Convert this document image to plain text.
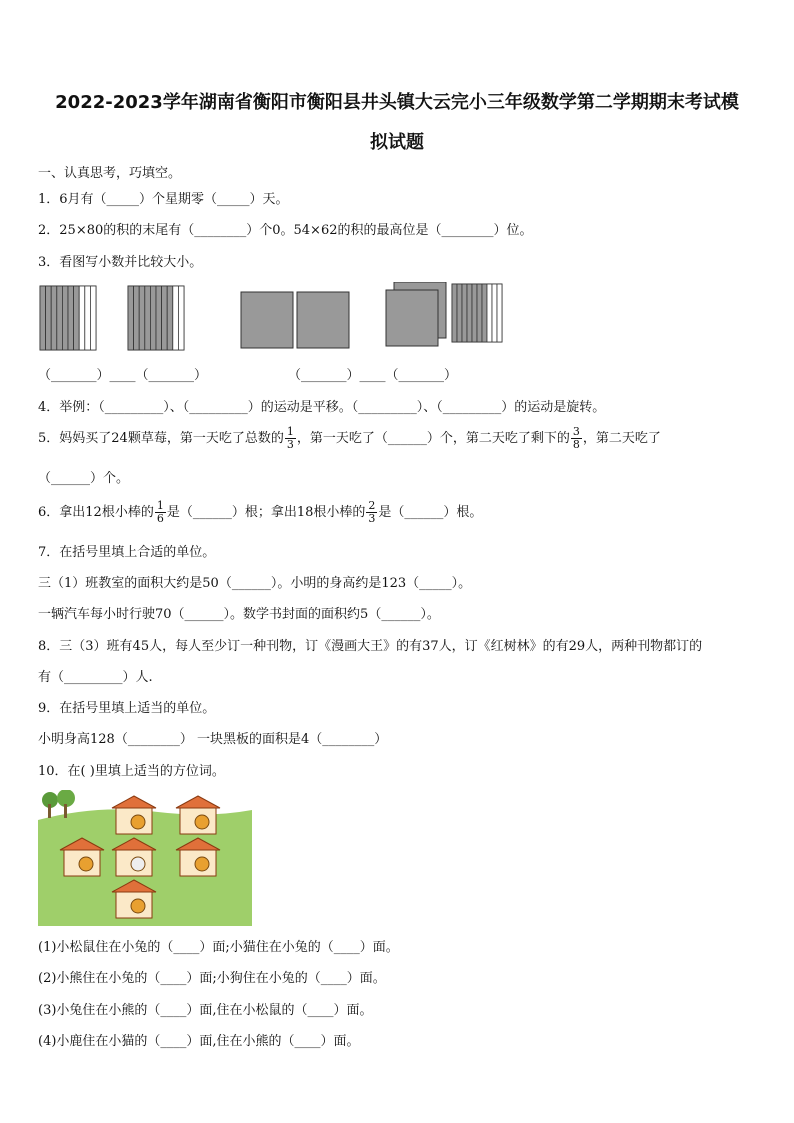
2022-2023学年湖南省衡阳市衡阳县井头镇大云完小三年级数学第二学期期末考试模
拟试题
一、认真思考，巧填空。
1．6月有（_____）个星期零（_____）天。
2．25×80的积的末尾有（________）个0。54×62的积的最高位是（________）位。
3．看图写小数并比较大小。
（_______）____（_______）	（_______）____（_______）
4．举例：（_________）、（_________）的运动是平移。（_________）、（_________）的运动是旋转。
5．妈妈买了24颗草莓，第一天吃了总数的 $\frac{1}{3}$ ，第一天吃了（______）个，第二天吃了剩下的 $\frac{3}{8}$ ，第二天吃了
（______）个。
6．拿出12根小棒的 $\frac{1}{6}$ 是（______）根；拿出18根小棒的 $\frac{2}{3}$ 是（______）根。
7．在括号里填上合适的单位。
三（1）班教室的面积大约是50（______）。小明的身高约是123（_____）。
一辆汽车每小时行驶70（______）。数学书封面的面积约5（______）。
8．三（3）班有45人，每人至少订一种刊物，订《漫画大王》的有37人，订《红树林》的有29人，两种刊物都订的
有（_________）人.
9．在括号里填上适当的单位。
小明身高128（________） 一块黑板的面积是4（________）
10．在( )里填上适当的方位词。
(1)小松鼠住在小兔的（____）面;小猫住在小兔的（____）面。
(2)小熊住在小兔的（____）面;小狗住在小兔的（____）面。
(3)小兔住在小熊的（____）面,住在小松鼠的（____）面。
(4)小鹿住在小猫的（____）面,住在小熊的（____）面。
